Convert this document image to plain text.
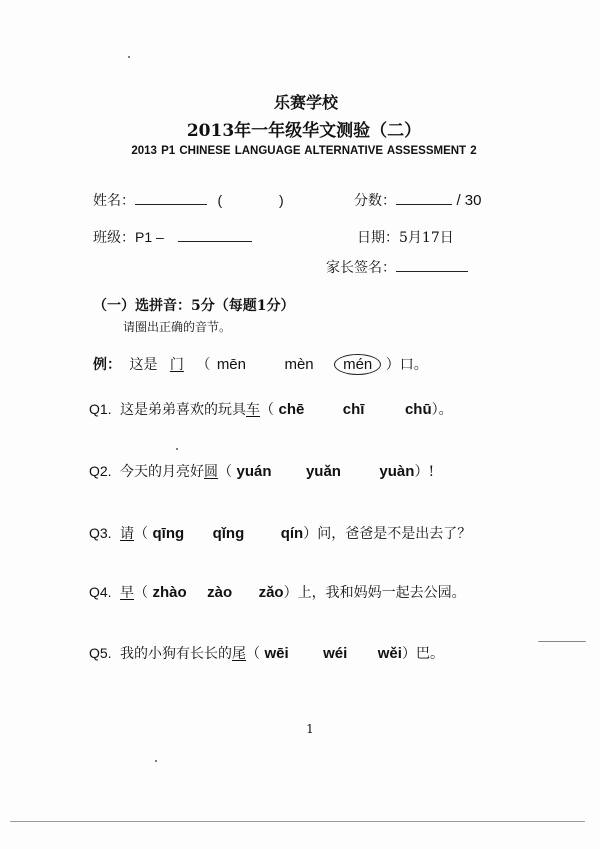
乐赛学校
2013年一年级华文测验（二）
2013 P1 CHINESE LANGUAGE ALTERNATIVE ASSESSMENT 2
姓名：	(	)	分数：	/ 30
班级：P1 –	日期：5月17日
家长签名：
（一）选拼音：5分（每题1分）
请圈出正确的音节。
例： 这是 门 （ mēn	mèn mén ）口。
Q1. 这是弟弟喜欢的玩具车（ chē	chī	chū）。
Q2. 今天的月亮好圆（ yuán yuǎn	yuàn）!
Q3. 请（ qīng qǐng qín）问，爸爸是不是出去了？
Q4. 早（ zhào zào zǎo）上，我和妈妈一起去公园。
Q5. 我的小狗有长长的尾（ wēi wéi wěi）巴。
1
